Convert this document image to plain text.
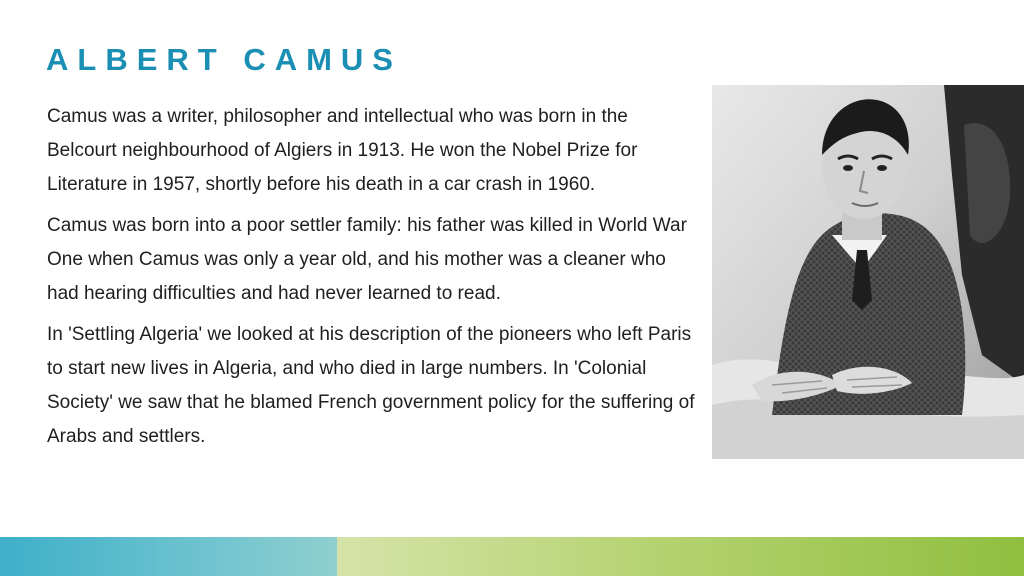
ALBERT CAMUS

Camus was a writer, philosopher and intellectual who was born in the Belcourt neighbourhood of Algiers in 1913. He won the Nobel Prize for Literature in 1957, shortly before his death in a car crash in 1960.

Camus was born into a poor settler family: his father was killed in World War One when Camus was only a year old, and his mother was a cleaner who had hearing difficulties and had never learned to read.

In 'Settling Algeria' we looked at his description of the pioneers who left Paris to start new lives in Algeria, and who died in large numbers. In 'Colonial Society' we saw that he blamed French government policy for the suffering of Arabs and settlers.
